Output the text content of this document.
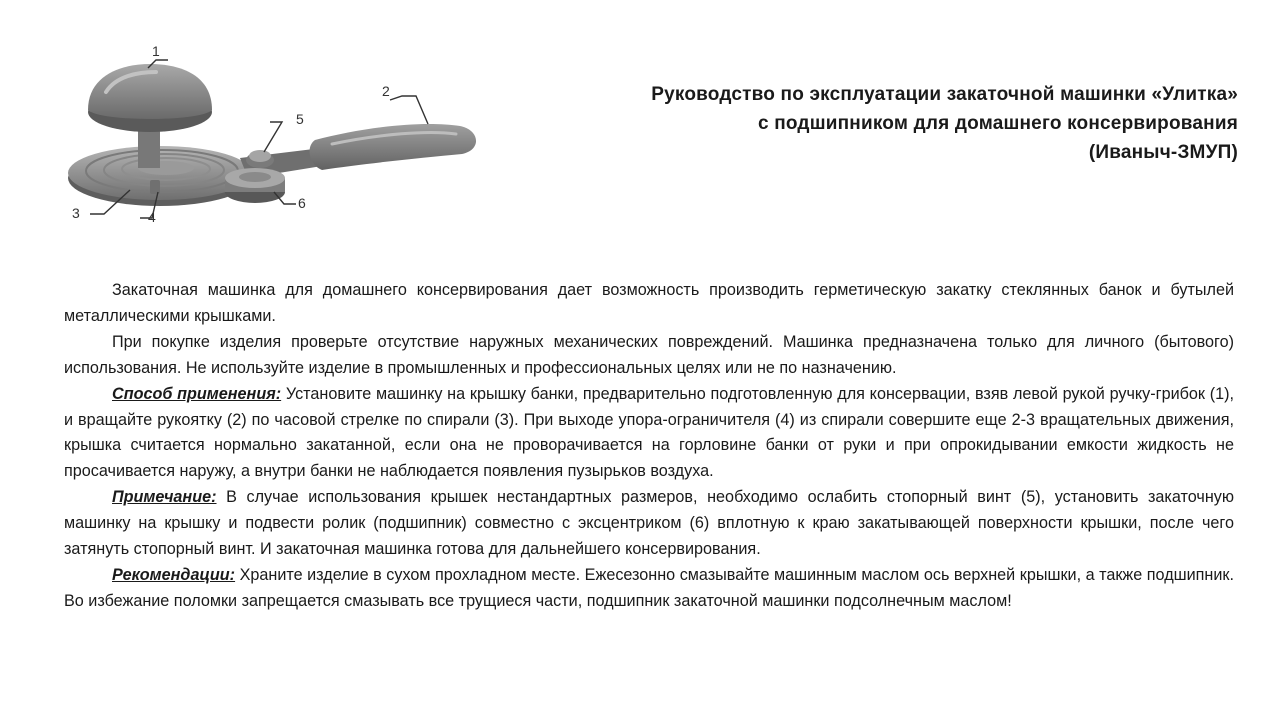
1
2
3	4
5
6
Руководство по эксплуатации закаточной машинки «Улитка»
с подшипником для домашнего консервирования
(Иваныч-ЗМУП)

Закаточная машинка для домашнего консервирования дает возможность производить герметическую закатку стеклянных банок и бутылей металлическими крышками.

При покупке изделия проверьте отсутствие наружных механических повреждений. Машинка предназначена только для личного (бытового) использования. Не используйте изделие в промышленных и профессиональных целях или не по назначению.

Способ применения: Установите машинку на крышку банки, предварительно подготовленную для консервации, взяв левой рукой ручку-грибок (1), и вращайте рукоятку (2) по часовой стрелке по спирали (3). При выходе упора-ограничителя (4) из спирали совершите еще 2-3 вращательных движения, крышка считается нормально закатанной, если она не проворачивается на горловине банки от руки и при опрокидывании емкости жидкость не просачивается наружу, а внутри банки не наблюдается появления пузырьков воздуха.

Примечание: В случае использования крышек нестандартных размеров, необходимо ослабить стопорный винт (5), установить закаточную машинку на крышку и подвести ролик (подшипник) совместно с эксцентриком (6) вплотную к краю закатывающей поверхности крышки, после чего затянуть стопорный винт. И закаточная машинка готова для дальнейшего консервирования.

Рекомендации: Храните изделие в сухом прохладном месте. Ежесезонно смазывайте машинным маслом ось верхней крышки, а также подшипник. Во избежание поломки запрещается смазывать все трущиеся части, подшипник закаточной машинки подсолнечным маслом!
